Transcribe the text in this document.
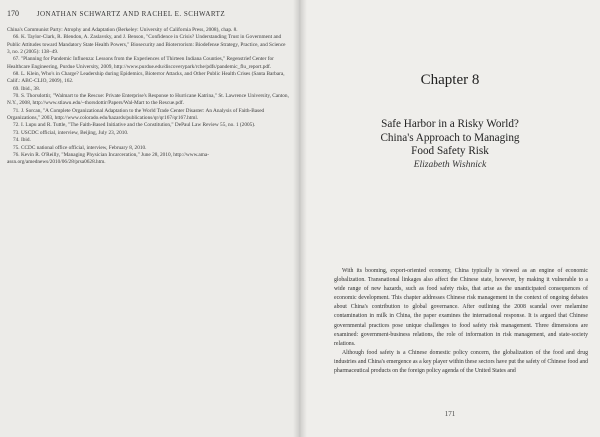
170	JONATHAN SCHWARTZ AND RACHEL E. SCHWARTZ

China's Communist Party: Atrophy and Adaptation (Berkeley: University of California Press, 2008), chap. 8.

66. K. Taylor-Clark, R. Blendon, A. Zaslavsky, and J. Benson, "Confidence in Crisis? Understanding Trust in Government and Public Attitudes toward Mandatory State Health Powers," Biosecurity and Bioterrorism: Biodefense Strategy, Practice, and Science 3, no. 2 (2005): 138–49.

67. "Planning for Pandemic Influenza: Lessons from the Experiences of Thirteen Indiana Counties," Regenstrief Center for Healthcare Engineering, Purdue University, 2009, http://www.purdue.edu/discoverypark/rche/pdfs/pandemic_flu_report.pdf.

68. L. Klein, Who's in Charge? Leadership during Epidemics, Bioterror Attacks, and Other Public Health Crises (Santa Barbara, Calif.: ABC-CLIO, 2009), 162.

69. Ibid., 38.

70. S. Thorsdottir, "Walmart to the Rescue: Private Enterprise's Response to Hurricane Katrina," St. Lawrence University, Canton, N.Y., 2008, http://www.stlawu.edu/~thorsdottir/Papers/Wal-Mart to the Rescue.pdf.

71. J. Sorcan, "A Complete Organizational Adaptation to the World Trade Center Disaster: An Analysis of Faith-Based Organizations," 2003, http://www.colorado.edu/hazards/publications/qr/qr167/qr167.html.

72. I. Lupu and R. Tuttle, "The Faith-Based Initiative and the Constitution," DePaul Law Review 55, no. 1 (2005).

73. USCDC official, interview, Beijing, July 23, 2010.

74. Ibid.

75. CCDC national office official, interview, February 8, 2010.

76. Kevin R. O'Reilly, "Managing Physician Incarceration," June 28, 2010, http://www.ama-assn.org/amednews/2010/06/28/prsa0628.htm.

Chapter 8
Safe Harbor in a Risky World?
China's Approach to Managing
Food Safety Risk
Elizabeth Wishnick

With its booming, export-oriented economy, China typically is viewed as an engine of economic globalization. Transnational linkages also affect the Chinese state, however, by making it vulnerable to a wide range of new hazards, such as food safety risks, that arise as the unanticipated consequences of economic development. This chapter addresses Chinese risk management in the context of ongoing debates about China's contribution to global governance. After outlining the 2008 scandal over melamine contamination in milk in China, the paper examines the international response. It is argued that Chinese governmental practices pose unique challenges to food safety risk management. Three dimensions are examined: government-business relations, the role of information in risk management, and state-society relations.

Although food safety is a Chinese domestic policy concern, the globalization of the food and drug industries and China's emergence as a key player within these sectors have put the safety of Chinese food and pharmaceutical products on the foreign policy agenda of the United States and

171
